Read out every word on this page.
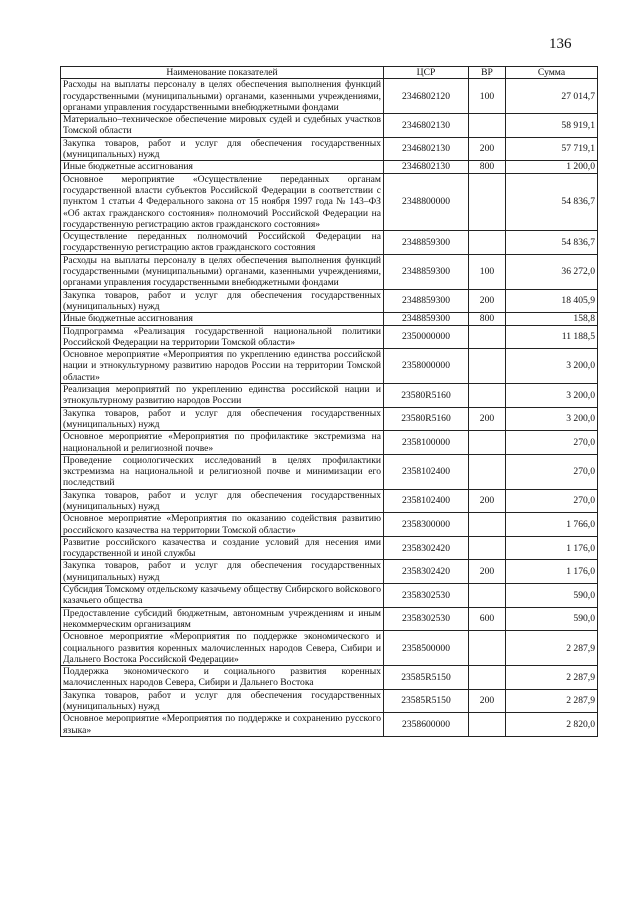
136
Наименование показателей	ЦСР	ВР	Сумма
Расходы на выплаты персоналу в целях обеспечения выполнения функций государственными (муниципальными) органами, казенными учреждениями, органами управления государственными внебюджетными фондами	2346802120	100	27 014,7
Материально–техническое обеспечение мировых судей и судебных участков Томской области	2346802130		58 919,1
Закупка товаров, работ и услуг для обеспечения государственных (муниципальных) нужд	2346802130	200	57 719,1
Иные бюджетные ассигнования	2346802130	800	1 200,0
Основное мероприятие «Осуществление переданных органам государственной власти субъектов Российской Федерации в соответствии с пунктом 1 статьи 4 Федерального закона от 15 ноября 1997 года № 143–ФЗ «Об актах гражданского состояния» полномочий Российской Федерации на государственную регистрацию актов гражданского состояния»	2348800000		54 836,7
Осуществление переданных полномочий Российской Федерации на государственную регистрацию актов гражданского состояния	2348859300		54 836,7
Расходы на выплаты персоналу в целях обеспечения выполнения функций государственными (муниципальными) органами, казенными учреждениями, органами управления государственными внебюджетными фондами	2348859300	100	36 272,0
Закупка товаров, работ и услуг для обеспечения государственных (муниципальных) нужд	2348859300	200	18 405,9
Иные бюджетные ассигнования	2348859300	800	158,8
Подпрограмма «Реализация государственной национальной политики Российской Федерации на территории Томской области»	2350000000		11 188,5
Основное мероприятие «Мероприятия по укреплению единства российской нации и этнокультурному развитию народов России на территории Томской области»	2358000000		3 200,0
Реализация мероприятий по укреплению единства российской нации и этнокультурному развитию народов России	23580R5160		3 200,0
Закупка товаров, работ и услуг для обеспечения государственных (муниципальных) нужд	23580R5160	200	3 200,0
Основное мероприятие «Мероприятия по профилактике экстремизма на национальной и религиозной почве»	2358100000		270,0
Проведение социологических исследований в целях профилактики экстремизма на национальной и религиозной почве и минимизации его последствий	2358102400		270,0
Закупка товаров, работ и услуг для обеспечения государственных (муниципальных) нужд	2358102400	200	270,0
Основное мероприятие «Мероприятия по оказанию содействия развитию российского казачества на территории Томской области»	2358300000		1 766,0
Развитие российского казачества и создание условий для несения ими государственной и иной службы	2358302420		1 176,0
Закупка товаров, работ и услуг для обеспечения государственных (муниципальных) нужд	2358302420	200	1 176,0
Субсидия Томскому отдельскому казачьему обществу Сибирского войскового казачьего общества	2358302530		590,0
Предоставление субсидий бюджетным, автономным учреждениям и иным некоммерческим организациям	2358302530	600	590,0
Основное мероприятие «Мероприятия по поддержке экономического и социального развития коренных малочисленных народов Севера, Сибири и Дальнего Востока Российской Федерации»	2358500000		2 287,9
Поддержка экономического и социального развития коренных малочисленных народов Севера, Сибири и Дальнего Востока	23585R5150		2 287,9
Закупка товаров, работ и услуг для обеспечения государственных (муниципальных) нужд	23585R5150	200	2 287,9
Основное мероприятие «Мероприятия по поддержке и сохранению русского языка»	2358600000		2 820,0
